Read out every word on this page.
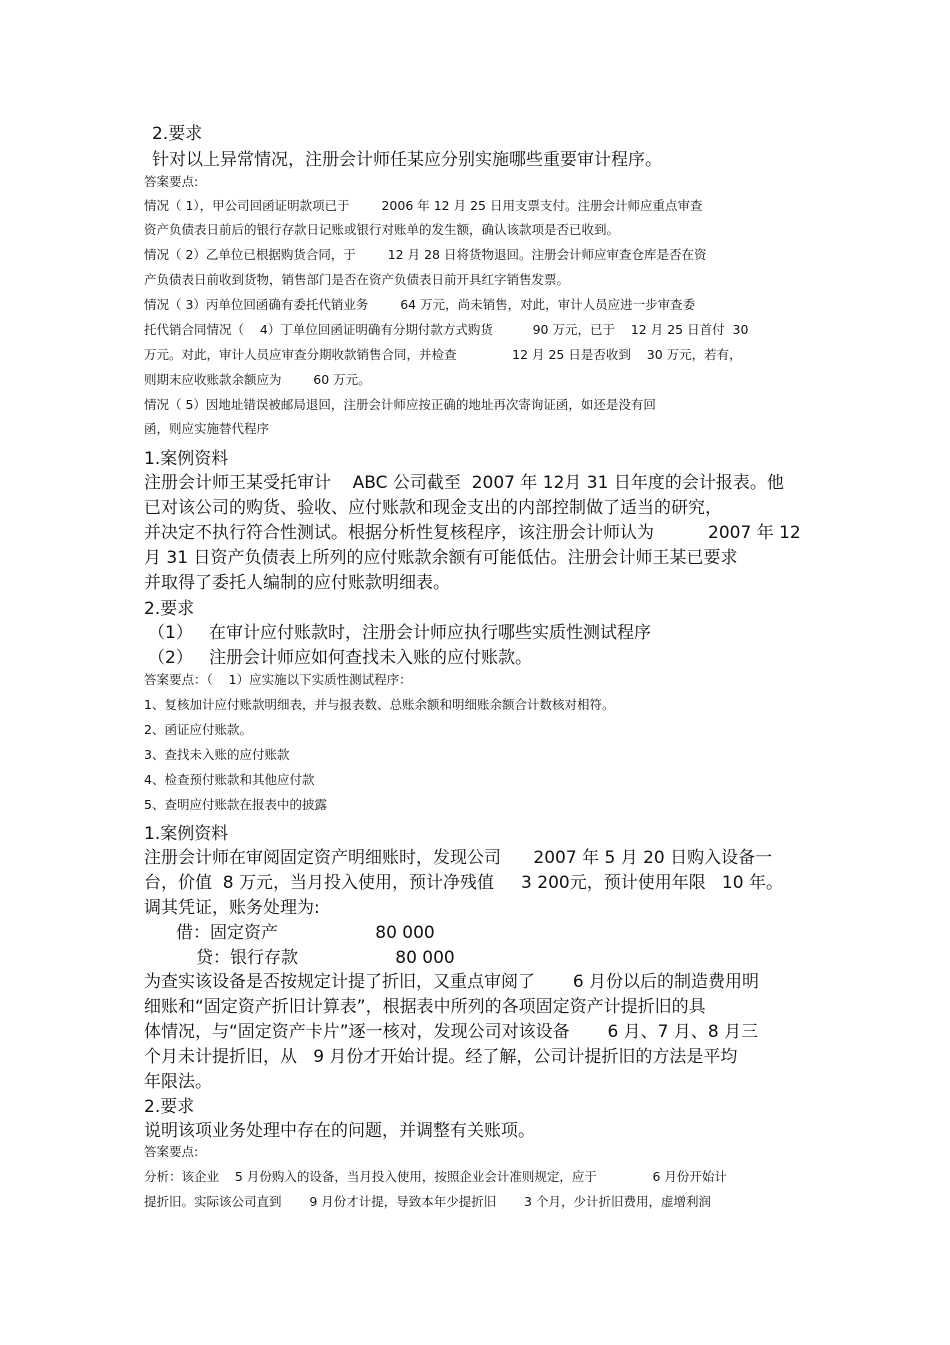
2.要求
针对以上异常情况，注册会计师任某应分别实施哪些重要审计程序。
答案要点:
情况（ 1），甲公司回函证明款项已于        2006 年 12 月 25 日用支票支付。注册会计师应重点审查
资产负债表日前后的银行存款日记账或银行对账单的发生额，确认该款项是否已收到。
情况（ 2）乙单位已根据购货合同，于        12 月 28 日将货物退回。注册会计师应审查仓库是否在资
产负债表日前收到货物，销售部门是否在资产负债表日前开具红字销售发票。
情况（ 3）丙单位回函确有委托代销业务        64 万元，尚未销售，对此，审计人员应进一步审查委
托代销合同情况（    4）丁单位回函证明确有分期付款方式购货          90 万元，已于    12 月 25 日首付  30
万元。对此，审计人员应审查分期收款销售合同，并检查              12 月 25 日是否收到    30 万元，若有，
则期末应收账款余额应为        60 万元。
情况（ 5）因地址错误被邮局退回，注册会计师应按正确的地址再次寄询证函，如还是没有回
函，则应实施替代程序
1.案例资料
注册会计师王某受托审计    ABC 公司截至  2007 年 12月 31 日年度的会计报表。他
已对该公司的购货、验收、应付账款和现金支出的内部控制做了适当的研究，
并决定不执行符合性测试。根据分析性复核程序，该注册会计师认为          2007 年 12
月 31 日资产负债表上所列的应付账款余额有可能低估。注册会计师王某已要求
并取得了委托人编制的应付账款明细表。
2.要求
（1）   在审计应付账款时，注册会计师应执行哪些实质性测试程序
（2）   注册会计师应如何查找未入账的应付账款。
答案要点：（    1）应实施以下实质性测试程序：
1、复核加计应付账款明细表，并与报表数、总账余额和明细账余额合计数核对相符。
2、函证应付账款。
3、查找未入账的应付账款
4、检查预付账款和其他应付款
5、查明应付账款在报表中的披露
1.案例资料
注册会计师在审阅固定资产明细账时，发现公司      2007 年 5 月 20 日购入设备一
台，价值  8 万元，当月投入使用，预计净残值     3 200元，预计使用年限   10 年。
调其凭证，账务处理为:
借：固定资产                  80 000
贷：银行存款                  80 000
为查实该设备是否按规定计提了折旧，又重点审阅了       6 月份以后的制造费用明
细账和“固定资产折旧计算表”，根据表中所列的各项固定资产计提折旧的具
体情况，与“固定资产卡片”逐一核对，发现公司对该设备       6 月、7 月、8 月三
个月未计提折旧，从   9 月份才开始计提。经了解，公司计提折旧的方法是平均
年限法。
2.要求
说明该项业务处理中存在的问题，并调整有关账项。
答案要点:
分析：该企业    5 月份购入的设备，当月投入使用，按照企业会计准则规定，应于              6 月份开始计
提折旧。实际该公司直到       9 月份才计提，导致本年少提折旧       3 个月，少计折旧费用，虚增利润
